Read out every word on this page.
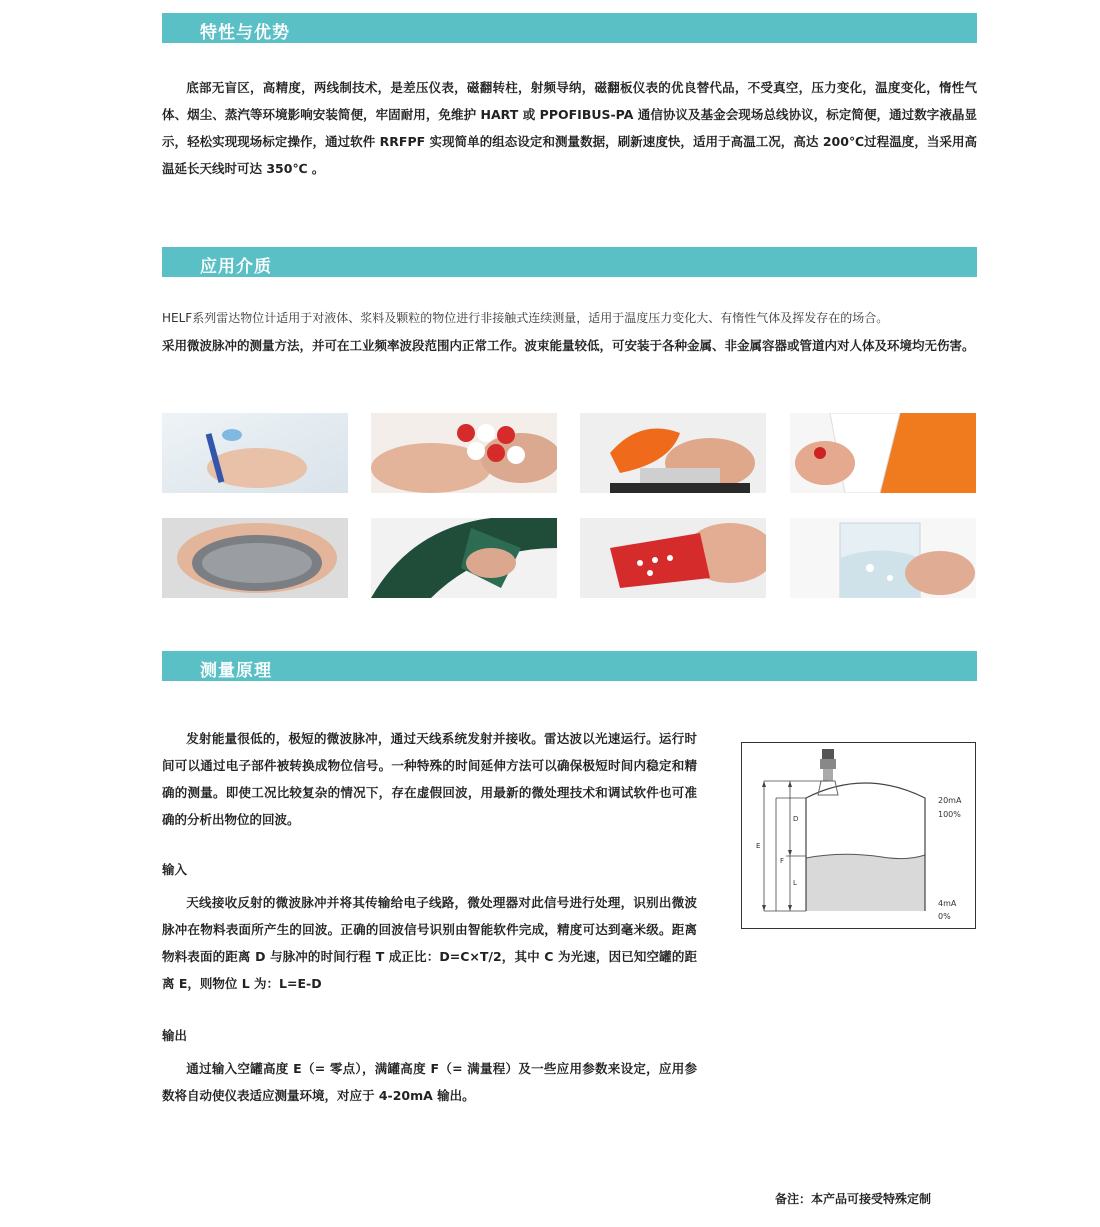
特性与优势
底部无盲区，高精度，两线制技术，是差压仪表，磁翻转柱，射频导纳，磁翻板仪表的优良替代品，不受真空，压力变化，温度变化，惰性气体、烟尘、蒸汽等环境影响安装简便，牢固耐用，免维护 HART 或 PPOFIBUS-PA 通信协议及基金会现场总线协议，标定简便，通过数字液晶显示，轻松实现现场标定操作，通过软件 RRFPF 实现简单的组态设定和测量数据，刷新速度快，适用于高温工况，高达 200℃过程温度，当采用高温延长天线时可达 350℃ 。
应用介质
HELF系列雷达物位计适用于对液体、浆料及颗粒的物位进行非接触式连续测量，适用于温度压力变化大、有惰性气体及挥发存在的场合。
采用微波脉冲的测量方法，并可在工业频率波段范围内正常工作。波束能量较低，可安装于各种金属、非金属容器或管道内对人体及环境均无伤害。
测量原理
发射能量很低的，极短的微波脉冲，通过天线系统发射并接收。雷达波以光速运行。运行时间可以通过电子部件被转换成物位信号。一种特殊的时间延伸方法可以确保极短时间内稳定和精确的测量。即使工况比较复杂的情况下，存在虚假回波，用最新的微处理技术和调试软件也可准确的分析出物位的回波。
输入
天线接收反射的微波脉冲并将其传输给电子线路，微处理器对此信号进行处理，识别出微波脉冲在物料表面所产生的回波。正确的回波信号识别由智能软件完成，精度可达到毫米级。距离物料表面的距离 D 与脉冲的时间行程 T 成正比：D=C×T/2，其中 C 为光速，因已知空罐的距离 E，则物位 L 为：L=E-D
输出
通过输入空罐高度 E（= 零点），满罐高度 F（= 满量程）及一些应用参数来设定，应用参数将自动使仪表适应测量环境，对应于 4-20mA 输出。
E
F
D
L
20mA
100%
4mA
0%
备注：本产品可接受特殊定制
